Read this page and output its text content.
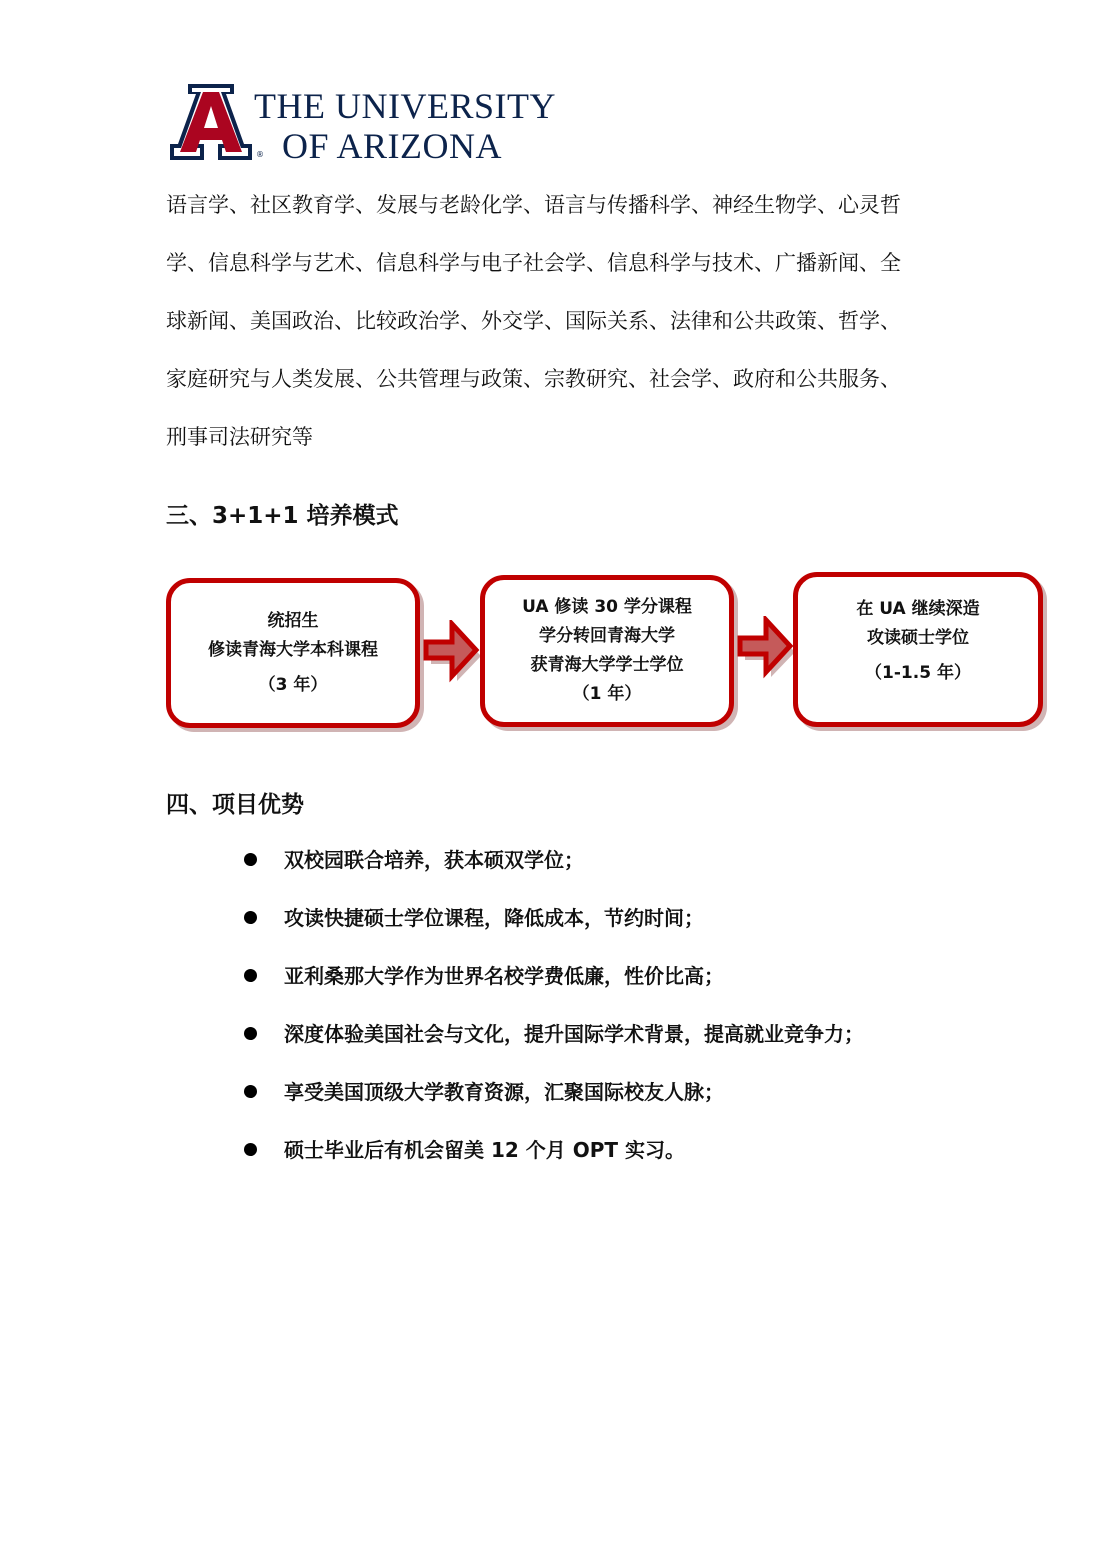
®
THE UNIVERSITY
OF ARIZONA
语言学、社区教育学、发展与老龄化学、语言与传播科学、神经生物学、心灵哲
学、信息科学与艺术、信息科学与电子社会学、信息科学与技术、广播新闻、全
球新闻、美国政治、比较政治学、外交学、国际关系、法律和公共政策、哲学、
家庭研究与人类发展、公共管理与政策、宗教研究、社会学、政府和公共服务、
刑事司法研究等
三、3+1+1 培养模式
统招生
修读青海大学本科课程
（3 年）
UA 修读 30 学分课程
学分转回青海大学
获青海大学学士学位
（1 年）
在 UA 继续深造
攻读硕士学位
（1-1.5 年）
四、项目优势
双校园联合培养，获本硕双学位；
攻读快捷硕士学位课程，降低成本，节约时间；
亚利桑那大学作为世界名校学费低廉，性价比高；
深度体验美国社会与文化，提升国际学术背景，提高就业竞争力；
享受美国顶级大学教育资源，汇聚国际校友人脉；
硕士毕业后有机会留美 12 个月 OPT 实习。
